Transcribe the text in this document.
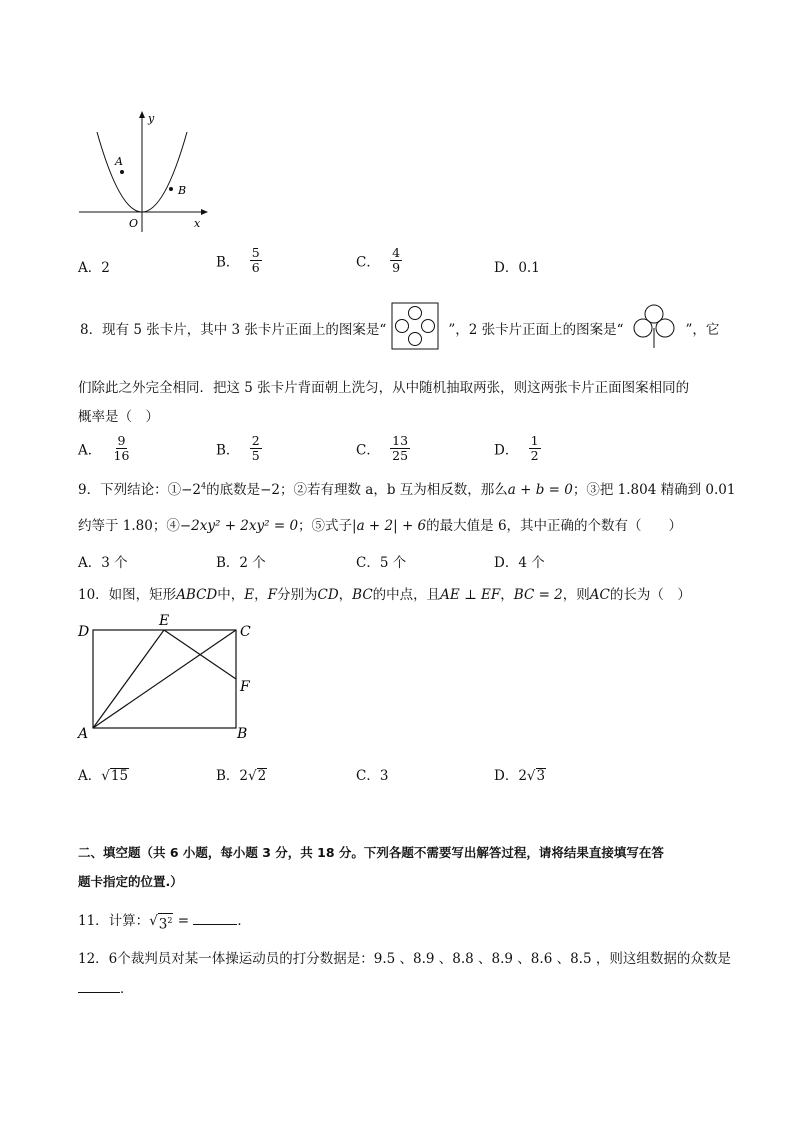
y
x
O
A
B
A．2	B． $\frac{5}{6}$	C． $\frac{4}{9}$	D．0.1
8．现有 5 张卡片，其中 3 张卡片正面上的图案是“	”，2 张卡片正面上的图案是“	”，它
们除此之外完全相同．把这 5 张卡片背面朝上洗匀，从中随机抽取两张，则这两张卡片正面图案相同的
概率是（　）
A． $\frac{9}{16}$	B． $\frac{2}{5}$	C． $\frac{13}{25}$	D． $\frac{1}{2}$
9．下列结论：$①-2^4$的底数是−2；②若有理数 a，b 互为相反数，那么a + b = 0；③把 1.804 精确到 0.01
约等于 1.80；④−2xy² + 2xy² = 0；⑤式子|a + 2| + 6的最大值是 6，其中正确的个数有（　　）
A．3 个	B．2 个	C．5 个	D．4 个
10．如图，矩形ABCD中，E，F分别为CD，BC的中点，且AE ⊥ EF，BC = 2，则AC的长为（　）
D
E
C
F
A	B
A．√ 15	B．2√ 2	C．3	D．2√ 3
二、填空题（共 6 小题，每小题 3 分，共 18 分。下列各题不需要写出解答过程，请将结果直接填写在答
题卡指定的位置.）
11．计算：√ $3^2$ =	．
12．6个裁判员对某一体操运动员的打分数据是：9.5 、8.9 、8.8 、8.9 、8.6 、8.5 ，则这组数据的众数是
．
